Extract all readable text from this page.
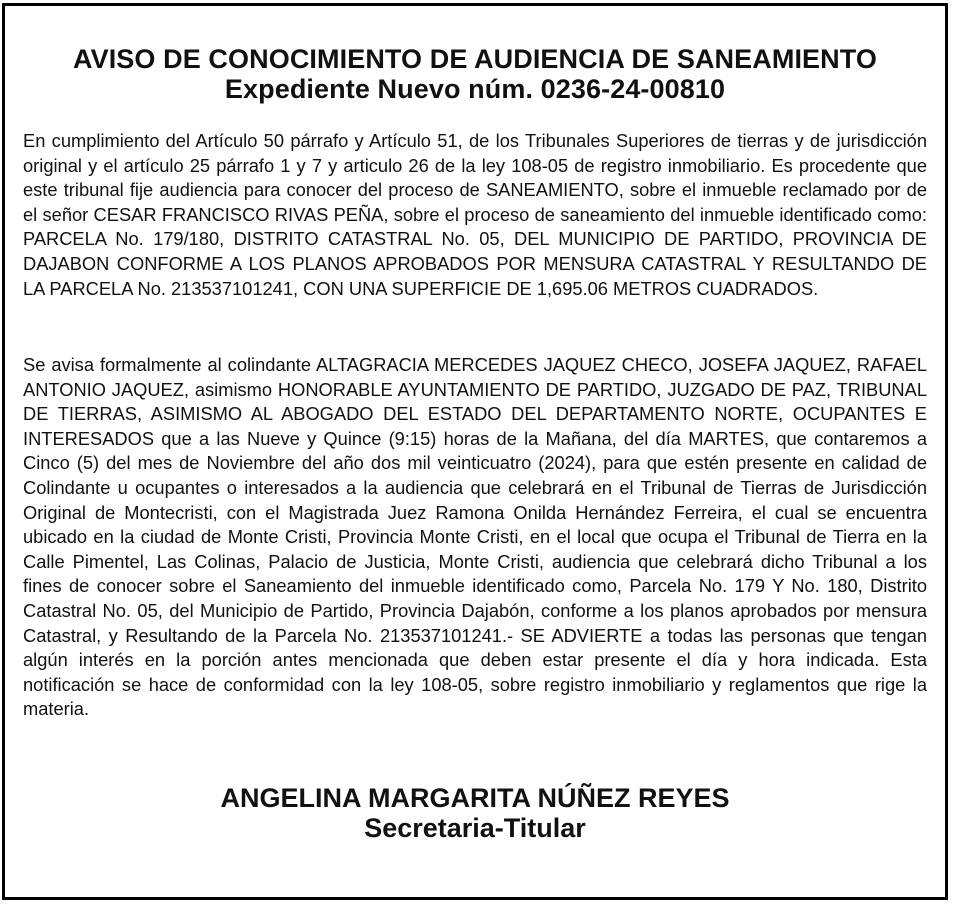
AVISO DE CONOCIMIENTO DE AUDIENCIA DE SANEAMIENTO
Expediente Nuevo núm. 0236-24-00810

En cumplimiento del Artículo 50 párrafo y Artículo 51, de los Tribunales Superiores de tierras y de jurisdicción original y el artículo 25 párrafo 1 y 7 y articulo 26 de la ley 108-05 de registro inmobiliario. Es procedente que este tribunal fije audiencia para conocer del proceso de SANEAMIENTO, sobre el inmueble reclamado por de el señor CESAR FRANCISCO RIVAS PEÑA, sobre el proceso de saneamiento del inmueble identificado como: PARCELA No. 179/180, DISTRITO CATASTRAL No. 05, DEL MUNICIPIO DE PARTIDO, PROVINCIA DE DAJABON CONFORME A LOS PLANOS APROBADOS POR MENSURA CATASTRAL Y RESULTANDO DE LA PARCELA No. 213537101241, CON UNA SUPERFICIE DE 1,695.06 METROS CUADRADOS.

Se avisa formalmente al colindante ALTAGRACIA MERCEDES JAQUEZ CHECO, JOSEFA JAQUEZ, RAFAEL ANTONIO JAQUEZ, asimismo HONORABLE AYUNTAMIENTO DE PARTIDO, JUZGADO DE PAZ, TRIBUNAL DE TIERRAS, ASIMISMO AL ABOGADO DEL ESTADO DEL DEPARTAMENTO NORTE, OCUPANTES E INTERESADOS que a las Nueve y Quince (9:15) horas de la Mañana, del día MARTES, que contaremos a Cinco (5) del mes de Noviembre del año dos mil veinticuatro (2024), para que estén presente en calidad de Colindante u ocupantes o interesados a la audiencia que celebrará en el Tribunal de Tierras de Jurisdicción Original de Montecristi, con el Magistrada Juez Ramona Onilda Hernández Ferreira, el cual se encuentra ubicado en la ciudad de Monte Cristi, Provincia Monte Cristi, en el local que ocupa el Tribunal de Tierra en la Calle Pimentel, Las Colinas, Palacio de Justicia, Monte Cristi, audiencia que celebrará dicho Tribunal a los fines de conocer sobre el Saneamiento del inmueble identificado como, Parcela No. 179 Y No. 180, Distrito Catastral No. 05, del Municipio de Partido, Provincia Dajabón, conforme a los planos aprobados por mensura Catastral, y Resultando de la Parcela No. 213537101241.- SE ADVIERTE a todas las personas que tengan algún interés en la porción antes mencionada que deben estar presente el día y hora indicada. Esta notificación se hace de conformidad con la ley 108-05, sobre registro inmobiliario y reglamentos que rige la materia.

ANGELINA MARGARITA NÚÑEZ REYES

Secretaria-Titular
